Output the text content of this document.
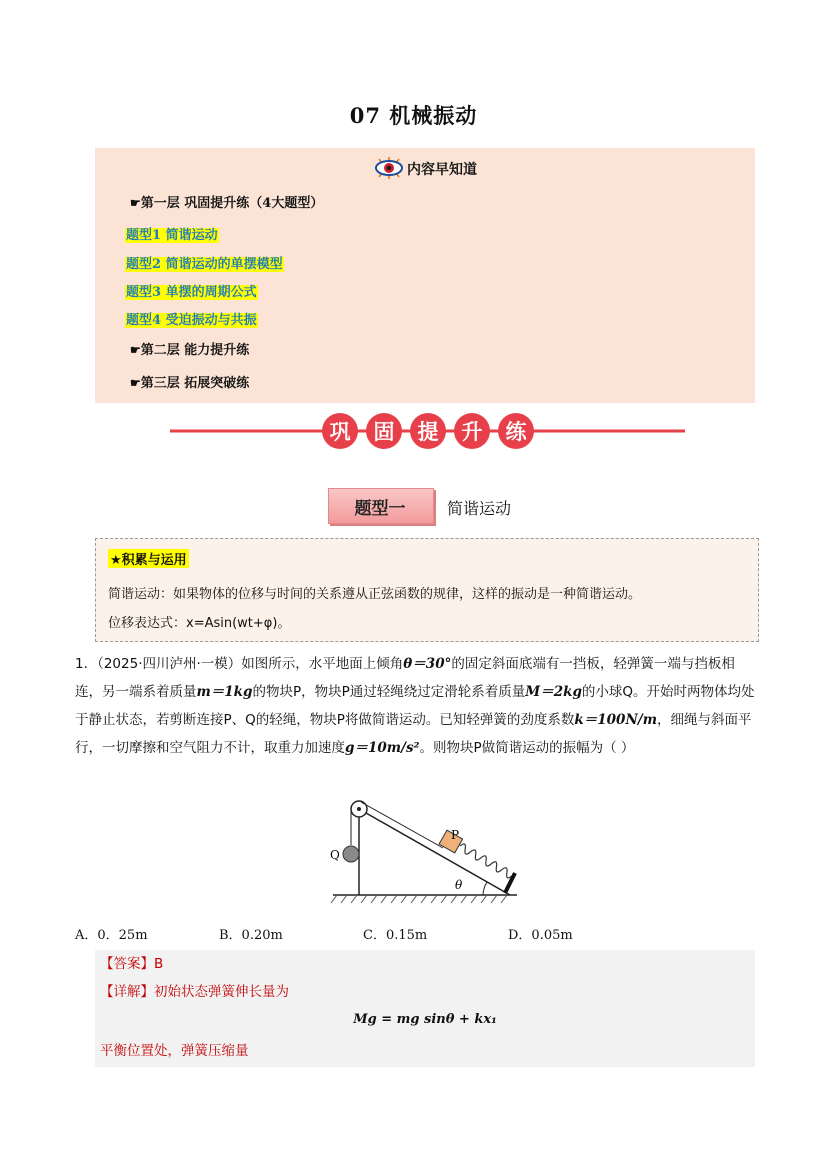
07 机械振动
内容早知道
☛第一层 巩固提升练（4大题型）
题型1 简谐运动
题型2 简谐运动的单摆模型
题型3 单摆的周期公式
题型4 受迫振动与共振
☛第二层 能力提升练
☛第三层 拓展突破练
巩 固 提 升 练
题型一	简谐运动
★积累与运用
简谐运动：如果物体的位移与时间的关系遵从正弦函数的规律，这样的振动是一种简谐运动。
位移表达式：x=Asin(wt+φ)。
1．（2025·四川泸州·一模）如图所示，水平地面上倾角θ＝30°的固定斜面底端有一挡板，轻弹簧一端与挡板相连，另一端系着质量m＝1kg的物块P，物块P通过轻绳绕过定滑轮系着质量M＝2kg的小球Q。开始时两物体均处于静止状态，若剪断连接P、Q的轻绳，物块P将做简谐运动。已知轻弹簧的劲度系数k＝100N/m，细绳与斜面平行，一切摩擦和空气阻力不计，取重力加速度g＝10m/s²。则物块P做简谐运动的振幅为（ ）
Q
P
θ
A．0．25m	B．0.20m	C．0.15m	D．0.05m
【答案】B
【详解】初始状态弹簧伸长量为
Mg = mg sinθ + kx₁
平衡位置处，弹簧压缩量
